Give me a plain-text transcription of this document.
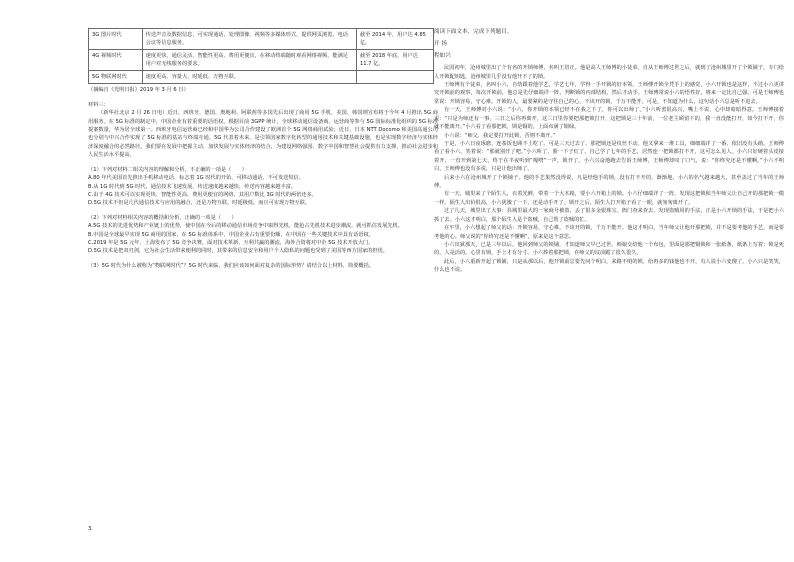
3G 图片时代	传送声音及数据信息，可实现通话、处理图像、视频等多媒体形式，提供网页浏览、电话会议等信息服务。	截至 2014 年，用户达 4.85 亿。
4G 视频时代	速度更快、通信灵活、智能性更高、费用更便宜，在移动终端随时观看网络视频，能满足用户对无线服务的要求。	截至 2018 年底，用户达 11.7 亿。
5G 物联网时代	速度更高、容量大、时延低、万物互联。	

（摘编自《光明日报》2019 年 3 月 6 日）

材料三：

（新华社北京 2 月 26 日电）近日，西班牙、德国、奥地利、阿联酋等多国先后出现了商用 5G 手机，美国、韩国则宣布将于今年 4 月推出 5G 商用服务。在 5G 标准的制定中，中国企业有着重要的话语权，根据目前 3GPP 统计，全球移动通信设备商、运营商等参与 5G 国际标准化组织的 5G 标准提案数量，华为居全球第一。西班牙电信运营商已经和中国华为公司合作建设了欧洲首个 5G 网络商用试验；近日，日本 NTT Docomo 和美国高通公司也分别与中兴合作实现了 5G 标准的基站与终端互通。5G 代表着未来，是引领国家数字化转型的通用技术和关键基础设施，也是实现数字经济与实体经济深度融合的必然路径。我们要在发展中把握主动，加快发展与实体经济的结合，为建设网络强国、数字中国和智慧社会提供有力支撑，推动社会进步和人民生活水平提高。

（1）下列对材料二相关内容的理解和分析，不正确的一项是（　　）

A.80 年代美国首先推出手机移动电话，标志着 1G 时代的开始，可移动通话，不可发送短信。

B.从 1G 时代到 5G 时代，通信技术飞速发展，传送速度越来越快，传送内容越来越丰富。

C.由于 4G 技术可以实现更快、智能性更高、费用更便宜的网络，其用户数比 3G 时代的两倍还多。

D.5G 技术不但是几代通信技术与应用的融合，还是万物互联，时延极低，而且可实现万物互联。

（2）下列对材料相关内容的概括和分析，正确的一项是（　　）

A.5G 技术的先进优势和产业链上的优势，使中国在今后的移动通信市场竞争中取得先机，能抢占先机技术进步潮流，就可抓住发展先机。

B.中国是全球最早实现 5G 商用的国家，在 5G 标准体系中，中国企业占有重要份额，在中国在一些关键技术中具有话语权。

C.2019 年是 5G 元年，上海发布了 5G 竞争决赛，面对技术革新、互利共赢的潮流，海外合资将对中企 5G 技术开放大门。

D.5G 技术是把双刃剑，它为社会生活带来便利的同时，其带来的信息安全和用户个人隐私的问题也受到了美国等西方国家的担忧。

（3）5G 时代为什么被称为“物联网时代”？5G 时代来临，我们应该如何面对复杂的国际形势？请结合以上材料，简要概括。

3.

阅读下面文本，完成下列题目。

开 扬

程如兴

民国初年，沧州城里出了个有名的开锁师傅，名叫王培正。他是高人王师傅的小徒弟。自从王师傅过世之后，就到了沧州城里开了个锁铺子，专门给人开锁配钥匙，沧州城里几乎没有他开不了的锁。

王师傅有个徒弟，名叫小六，自幼跟着他学艺，学艺七年，学得一手开锁的好本领。王师傅开锁全凭手上的感觉，小六开锁也是这样，不过小六更讲究开锁前的观察，每次开锁前，他总是先仔细端详一阵，判断锁的内部结构，然后才动手。王师傅常说小六的悟性好，将来一定比自己强。可是王师傅也常说：开锁容易，守心难。开锁的人，最要紧的是守住自己的心，不该开的锁，千万不能开。可是，不知道为什么，这句话小六总是听不进去。

有一天，王师傅对小六说：“小六，你开锁的本领已经不在我之下了，你可以出师了。”小六听罢很高兴，嘴上不说，心中却暗暗得意。王师傅接着说：“只是为师还有一事，三日之后你再离开，这三日里你要把那把锁打开，这把锁是三十年前，一位老主顾留下的，我一直没能打开，如今打不开，你就不能离开。”小六看了看那把锁，锁是铜的，上面布满了铜绿。

小六说：“师父，我定要打开此锁，否则不离开。”

于是，小六日夜琢磨，连茶饭也顾不上吃了。可是三天过去了，那把锁还是纹丝不动。他又拿来一堆工具，细细端详了一番，依旧没有头绪。王师傅看了看小六，笑着说：“那就别开了吧。”小六听了，脸一下子红了，自己学了七年的手艺，居然连一把锁都打不开，这可怎么见人。小六只好硬着头皮接着开，一直开到第七天，终于在半夜听到“嘎嗒”一声，锁开了。小六兴奋地跑去告诉王师傅，王师傅却叹了口气，说：“你终究还是不懂啊。”小六不明白，王师傅也没有多说，只是让他出师了。

后来小六在沧州城开了个锁铺子，他的手艺果然没得说，凡是经他手的锁，没有打不开的。渐渐地，小六的名气越来越大，甚至盖过了当年的王师傅。

有一天，城里来了个陌生人，衣着光鲜，带着一个大木箱，要小六开箱上的锁。小六仔细端详了一阵，发现这把锁和当年师父让自己开的那把锁一模一样。陌生人出价很高，小六犹豫了一下，还是动手开了。锁开之后，陌生人打开箱子看了一眼，就匆匆离开了。

过了几天，城里出了大事：县城里最大的一家商号被盗，丢了很多金银珠宝。衙门查来查去，发现盗贼用的手法，正是小六开锁的手法，于是把小六抓了去。小六这才明白，那个陌生人是个盗贼，自己帮了盗贼的忙。

在牢里，小六想起了师父的话：开锁容易，守心难。不该开的锁，千万不能开。他这才明白，当年师父让他开那把锁，并不是要考他的手艺，而是要考他的心。师父说的“你终究还是不懂啊”，原来是这个意思。

小六出狱那天，已是三年以后。他回到师父的锁铺，才知道师父早已过世。师娘交给他一个布包，里面是那把铜锁和一张纸条，纸条上写着：锁是死的，人是活的。心里有锁，手上才有分寸。小六捧着那把锁，在师父的坟前跪了很久很久。

此后，小六重新开起了锁铺，只是从那以后，他开锁前总要先问个明白，来路不明的锁，给再多的钱他也不开。有人说小六变傻了，小六只是笑笑，什么也不说。
